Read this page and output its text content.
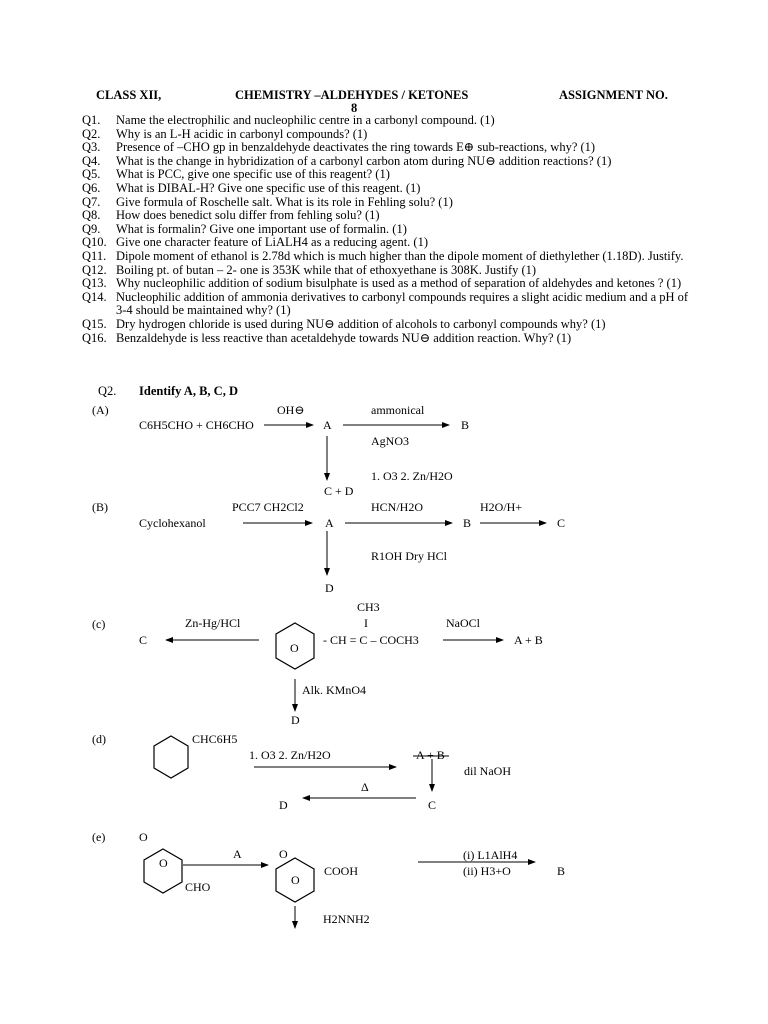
CLASS XII,	CHEMISTRY –ALDEHYDES / KETONES	ASSIGNMENT NO.
8
Q1.	Name the electrophilic and nucleophilic centre in a carbonyl compound. (1)
Q2.	Why is an L-H acidic in carbonyl compounds? (1)
Q3.	Presence of –CHO gp in benzaldehyde deactivates the ring towards E⊕ sub-reactions, why? (1)
Q4.	What is the change in hybridization of a carbonyl carbon atom during NU⊖ addition reactions? (1)
Q5.	What is PCC, give one specific use of this reagent? (1)
Q6.	What is DIBAL-H? Give one specific use of this reagent. (1)
Q7.	Give formula of Roschelle salt. What is its role in Fehling solu? (1)
Q8.	How does benedict solu differ from fehling solu? (1)
Q9.	What is formalin? Give one important use of formalin. (1)
Q10. Give one character feature of LiALH4 as a reducing agent. (1)
Q11. Dipole moment of ethanol is 2.78d which is much higher than the dipole moment of diethylether (1.18D). Justify.
Q12. Boiling pt. of butan – 2- one is 353K while that of ethoxyethane is 308K. Justify (1)
Q13. Why nucleophilic addition of sodium bisulphate is used as a method of separation of aldehydes and ketones ? (1)
Q14. Nucleophilic addition of ammonia derivatives to carbonyl compounds requires a slight acidic medium and a pH of 3-4 should be maintained why? (1)
Q15. Dry hydrogen chloride is used during NU⊖ addition of alcohols to carbonyl compounds why? (1)
Q16. Benzaldehyde is less reactive than acetaldehyde towards NU⊖ addition reaction. Why? (1)
Q2. Identify A, B, C, D
(A)
C6H5CHO + CH6CHO
OH⊖
A
ammonical
AgNO3
B
1. O3 2. Zn/H2O
C + D
(B)
Cyclohexanol
PCC7 CH2Cl2
A
HCN/H2O
B
H2O/H+
C
R1OH Dry HCl
D
(c)
CH3
I
- CH = C – COCH3
O
Zn-Hg/HCl
C
NaOCl
A + B
Alk. KMnO4
D
(d)	CHC6H5
1. O3 2. Zn/H2O	A + B
dil NaOH
C
Δ
D
(e)	O
O
CHO
A	O
O
COOH
(i) L1AlH4
(ii) H3+O	B
H2NNH2
